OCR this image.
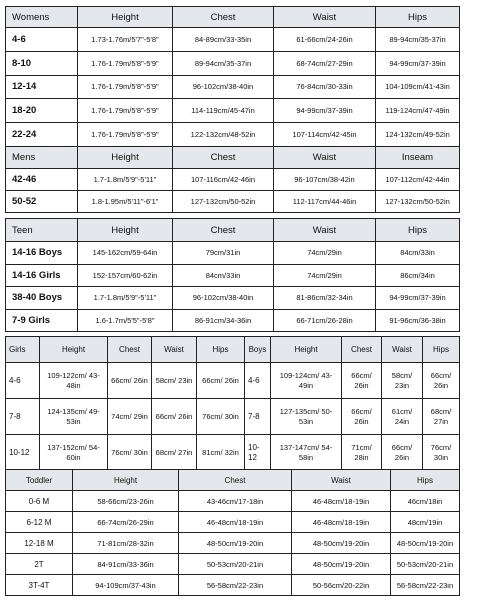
Womens	Height	Chest	Waist	Hips
4-6	1.73-1.76m/5'7"-5'8"	84-89cm/33-35in	61-66cm/24-26in	89-94cm/35-37in
8-10	1.76-1.79m/5'8"-5'9"	89-94cm/35-37in	68-74cm/27-29in	94-99cm/37-39in
12-14	1.76-1.79m/5'8"-5'9"	96-102cm/38-40in	76-84cm/30-33in	104-109cm/41-43in
18-20	1.76-1.79m/5'8"-5'9"	114-119cm/45-47in	94-99cm/37-39in	119-124cm/47-49in
22-24	1.76-1.79m/5'8"-5'9"	122-132cm/48-52in	107-114cm/42-45in	124-132cm/49-52in
Mens	Height	Chest	Waist	Inseam
42-46	1.7-1.8m/5'9"-5'11"	107-116cm/42-46in	96-107cm/38-42in	107-112cm/42-44in
50-52	1.8-1.95m/5'11"-6'1"	127-132cm/50-52in	112-117cm/44-46in	127-132cm/50-52in
Teen	Height	Chest	Waist	Hips
14-16 Boys	145-162cm/59-64in	79cm/31in	74cm/29in	84cm/33in
14-16 Girls	152-157cm/60-62in	84cm/33in	74cm/29in	86cm/34in
38-40 Boys	1.7-1.8m/5'9"-5'11"	96-102cm/38-40in	81-86cm/32-34in	94-99cm/37-39in
7-9 Girls	1.6-1.7m/5'5"-5'8"	86-91cm/34-36in	66-71cm/26-28in	91-96cm/36-38in
Girls	Height	Chest	Waist	Hips	Boys	Height	Chest	Waist	Hips
4-6	109-122cm/ 43-48in	66cm/ 26in	58cm/ 23in	66cm/ 26in	4-6	109-124cm/ 43-49in	66cm/ 26in	58cm/ 23in	66cm/ 26in
7-8	124-135cm/ 49-53in	74cm/ 29in	66cm/ 26in	76cm/ 30in	7-8	127-135cm/ 50-53in	66cm/ 26in	61cm/ 24in	68cm/ 27in
10-12	137-152cm/ 54-60in	76cm/ 30in	68cm/ 27in	81cm/ 32in	10- 12	137-147cm/ 54-58in	71cm/ 28in	66cm/ 26in	76cm/ 30in
Toddler	Height	Chest	Waist	Hips
0-6 M	58-66cm/23-26in	43-46cm/17-18in	46-48cm/18-19in	46cm/18in
6-12 M	66-74cm/26-29in	46-48cm/18-19in	46-48cm/18-19in	48cm/19in
12-18 M	71-81cm/28-32in	48-50cm/19-20in	48-50cm/19-20in	48-50cm/19-20in
2T	84-91cm/33-36in	50-53cm/20-21in	48-50cm/19-20in	50-53cm/20-21in
3T-4T	94-109cm/37-43in	56-58cm/22-23in	50-56cm/20-22in	56-58cm/22-23in
